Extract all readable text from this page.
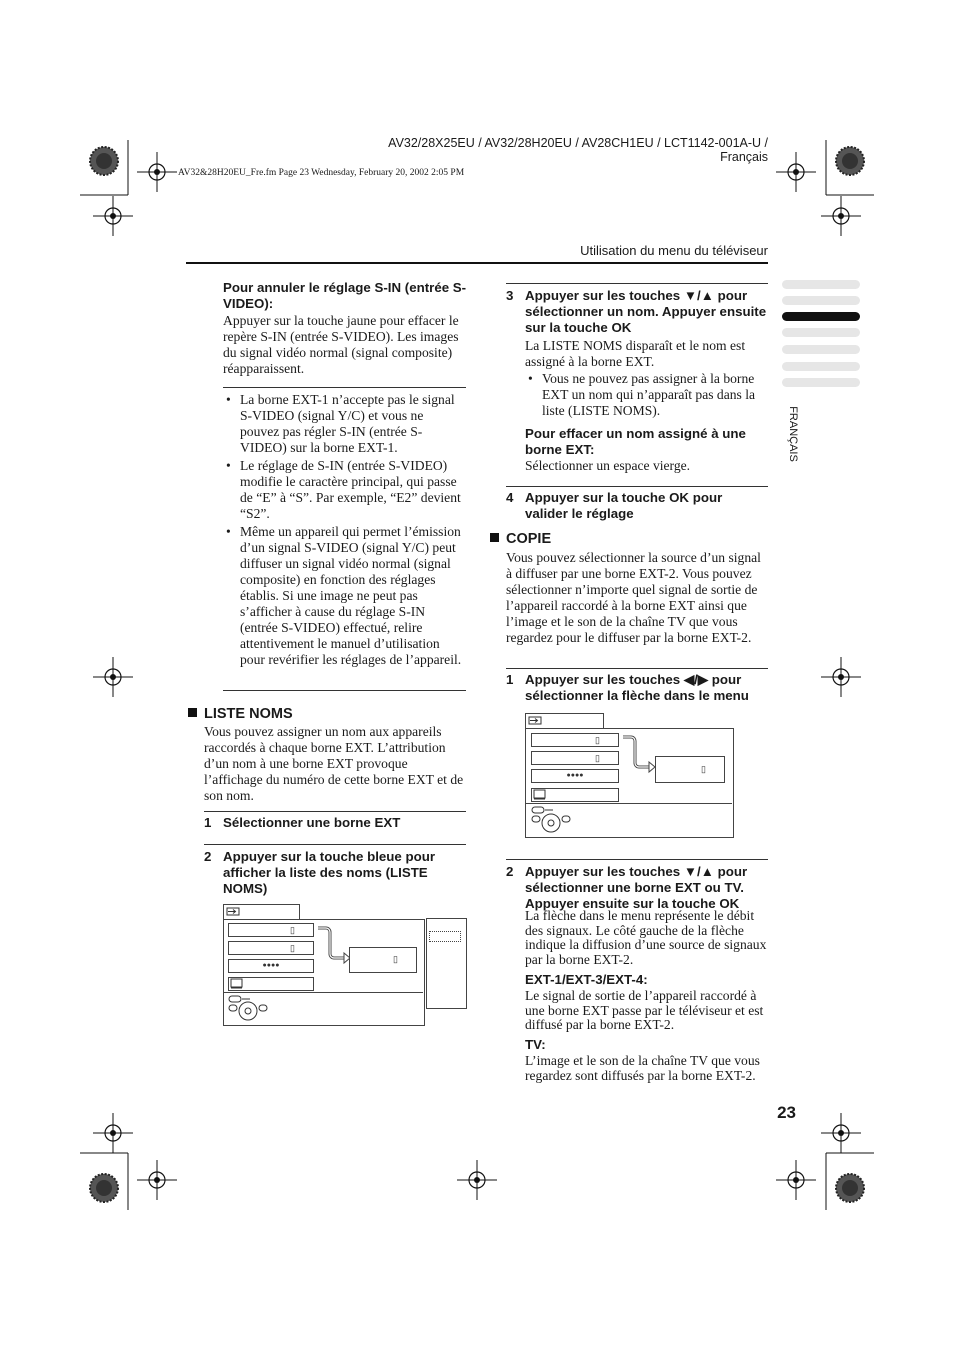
AV32/28X25EU / AV32/28H20EU / AV28CH1EU / LCT1142-001A-U / Français
AV32&28H20EU_Fre.fm Page 23 Wednesday, February 20, 2002 2:05 PM
Utilisation du menu du téléviseur
FRANÇAIS
Pour annuler le réglage S-IN (entrée S-VIDEO):
Appuyer sur la touche jaune pour effacer le repère S-IN (entrée S-VIDEO). Les images du signal vidéo normal (signal composite) réapparaissent.
• La borne EXT-1 n’accepte pas le signal S-VIDEO (signal Y/C) et vous ne pouvez pas régler S-IN (entrée S-VIDEO) sur la borne EXT-1.
• Le réglage de S-IN (entrée S-VIDEO) modifie le caractère principal, qui passe de “E” à “S”. Par exemple, “E2” devient “S2”.
• Même un appareil qui permet l’émission d’un signal S-VIDEO (signal Y/C) peut diffuser un signal vidéo normal (signal composite) en fonction des réglages établis. Si une image ne peut pas s’afficher à cause du réglage S-IN (entrée S-VIDEO) effectué, relire attentivement le manuel d’utilisation pour revérifier les réglages de l’appareil.
LISTE NOMS
Vous pouvez assigner un nom aux appareils raccordés à chaque borne EXT. L’attribution d’un nom à une borne EXT provoque l’affichage du numéro de cette borne EXT et de son nom.
1 Sélectionner une borne EXT
2 Appuyer sur la touche bleue pour afficher la liste des noms (LISTE NOMS)
▯
▯
●●●●
▯
3 Appuyer sur les touches ▼/▲ pour sélectionner un nom. Appuyer ensuite sur la touche OK
La LISTE NOMS disparaît et le nom est assigné à la borne EXT.
• Vous ne pouvez pas assigner à la borne EXT un nom qui n’apparaît pas dans la liste (LISTE NOMS).
Pour effacer un nom assigné à une borne EXT:
Sélectionner un espace vierge.
4 Appuyer sur la touche OK pour valider le réglage
COPIE
Vous pouvez sélectionner la source d’un signal à diffuser par une borne EXT-2. Vous pouvez sélectionner n’importe quel signal de sortie de l’appareil raccordé à la borne EXT ainsi que l’image et le son de la chaîne TV que vous regardez pour le diffuser par la borne EXT-2.
1 Appuyer sur les touches ◀/▶ pour sélectionner la flèche dans le menu
▯
▯
●●●●
▯
2 Appuyer sur les touches ▼/▲ pour sélectionner une borne EXT ou TV. Appuyer ensuite sur la touche OK
La flèche dans le menu représente le débit des signaux. Le côté gauche de la flèche indique la diffusion d’une source de signaux par la borne EXT-2.
EXT-1/EXT-3/EXT-4:
Le signal de sortie de l’appareil raccordé à une borne EXT passe par le téléviseur et est diffusé par la borne EXT-2.
TV:
L’image et le son de la chaîne TV que vous regardez sont diffusés par la borne EXT-2.
23
